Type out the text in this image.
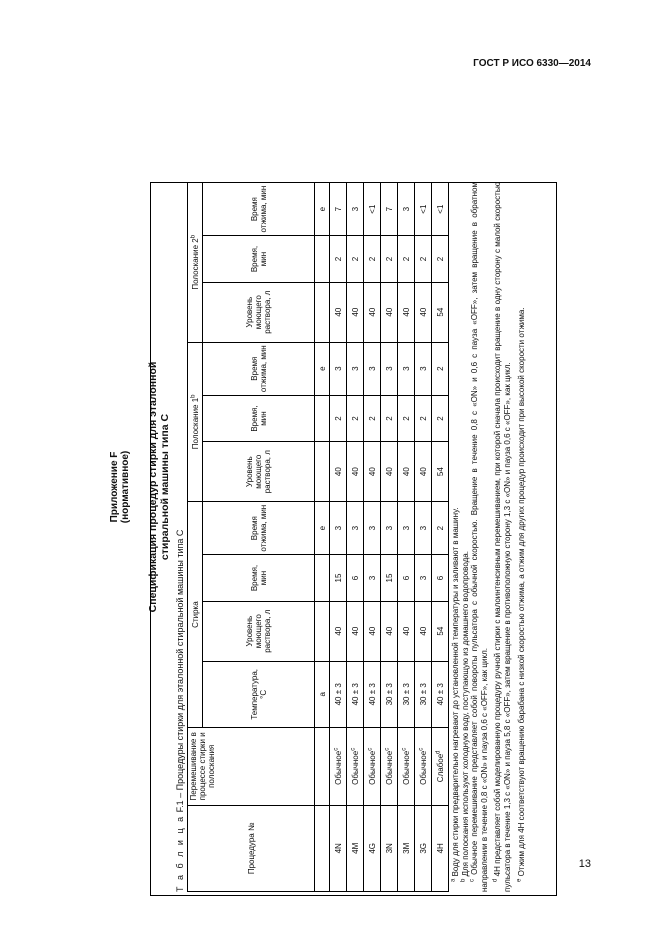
ГОСТ Р ИСО 6330—2014
Приложение F (нормативное) Спецификация процедур стирки для эталонной стиральной машины типа C
Т а б л и ц а F.1 – Процедуры стирки для эталонной стиральной машины типа С
Процедура №	Перемешивание в процессе стирки и полоскания	Стирка				Полоскание 1$^b$			Полоскание 2$^b$
		Температура, °C	Уровень моющего раствора, л	Время, мин	Время отжима, мин	Уровень моющего раствора, л	Время, мин	Время отжима, мин	Уровень моющего раствора, л	Время, мин	Время отжима, мин
		a			e			e			e
4N	Обычное$^c$	40 ± 3	40	15	3	40	2	3	40	2	7
4M	Обычное$^c$	40 ± 3	40	6	3	40	2	3	40	2	3
4G	Обычное$^c$	40 ± 3	40	3	3	40	2	3	40	2	<1
3N	Обычное$^c$	30 ± 3	40	15	3	40	2	3	40	2	7
3M	Обычное$^c$	30 ± 3	40	6	3	40	2	3	40	2	3
3G	Обычное$^c$	30 ± 3	40	3	3	40	2	3	40	2	<1
4H	Слабое$^d$	40 ± 3	54	6	2	54	2	2	54	2	<1

$^a$ Воду для стирки предварительно нагревают до установленной температуры и заливают в машину.

$^b$ Для полоскания используют холодную воду, поступающую из домашнего водопровода.

$^c$ Обычное перемешивание представляет собой повороты пульсатора с обычной скоростью. Вращение в течение 0,8 с «ON» и 0,6 с пауза «OFF», затем вращение в обратном направлении в течение 0,8 с «ON» и пауза 0,6 с «OFF», как цикл. $^d$ 4H представляет собой моделированную процедуру ручной стирки с малоинтенсивным перемешиванием, при которой сначала происходит вращение в одну сторону с малой скоростью пульсатора в течение 1,3 с «ON» и пауза 5,8 с «OFF», затем вращение в противоположную сторону 1,3 с «ON» и пауза 0,6 с «OFF», как цикл. $^e$ Отжим для 4H соответствуют вращению барабана с низкой скоростью отжима, а отжим для других процедур происходит при высокой скорости отжима.	13
